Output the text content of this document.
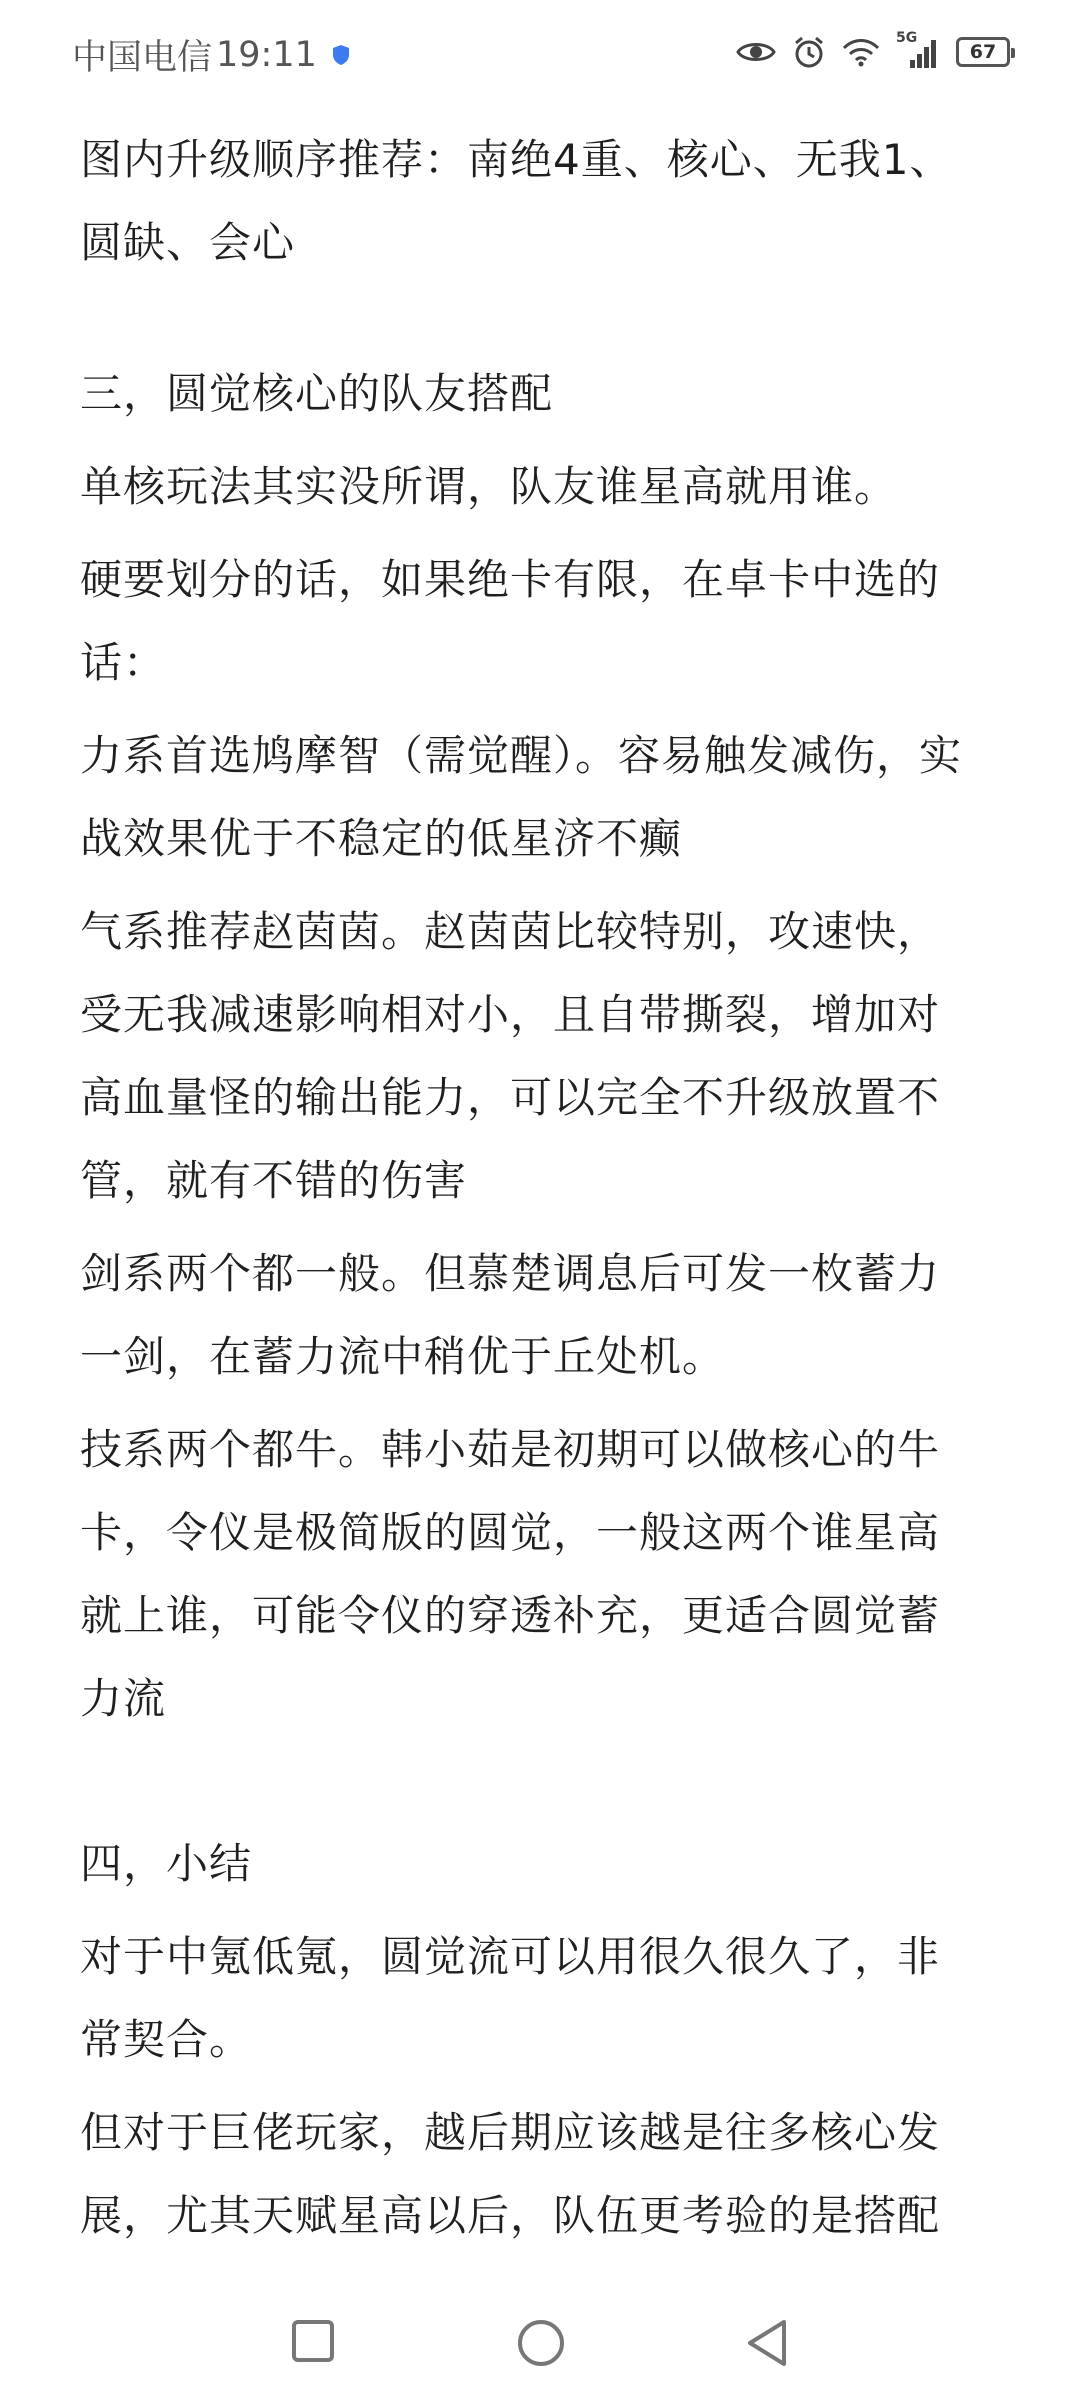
中国电信 19:11	5G
67

图内升级顺序推荐：南绝4重、核心、无我1、圆缺、会心

三，圆觉核心的队友搭配

单核玩法其实没所谓，队友谁星高就用谁。

硬要划分的话，如果绝卡有限，在卓卡中选的话：

力系首选鸠摩智（需觉醒）。容易触发减伤，实战效果优于不稳定的低星济不癫

气系推荐赵茵茵。赵茵茵比较特别，攻速快，受无我减速影响相对小，且自带撕裂，增加对高血量怪的输出能力，可以完全不升级放置不管，就有不错的伤害

剑系两个都一般。但慕楚调息后可发一枚蓄力一剑，在蓄力流中稍优于丘处机。

技系两个都牛。韩小茹是初期可以做核心的牛卡，令仪是极简版的圆觉，一般这两个谁星高就上谁，可能令仪的穿透补充，更适合圆觉蓄力流

四，小结

对于中氪低氪，圆觉流可以用很久很久了，非常契合。

但对于巨佬玩家，越后期应该越是往多核心发展，尤其天赋星高以后，队伍更考验的是搭配
